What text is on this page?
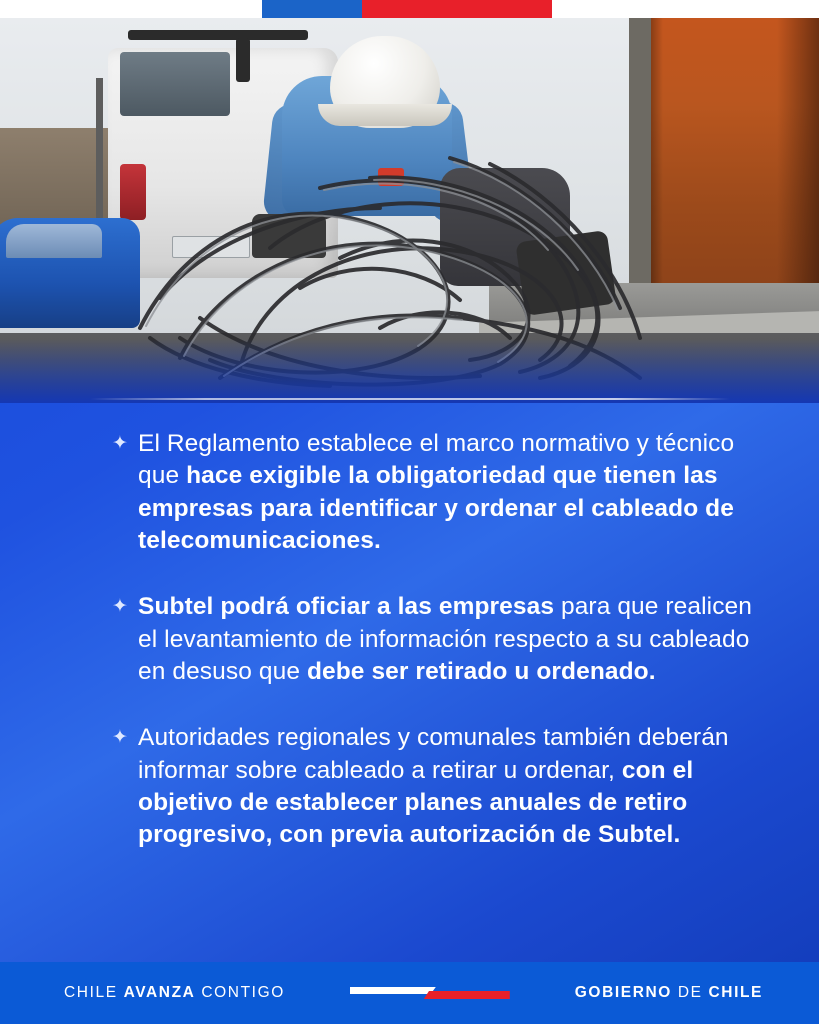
✦ El Reglamento establece el marco normativo y técnico que hace exigible la obligatoriedad que tienen las empresas para identificar y ordenar el cableado de telecomunicaciones.
✦ Subtel podrá oficiar a las empresas para que realicen el levantamiento de información respecto a su cableado en desuso que debe ser retirado u ordenado.
✦ Autoridades regionales y comunales también deberán informar sobre cableado a retirar u ordenar, con el objetivo de establecer planes anuales de retiro progresivo, con previa autorización de Subtel.
CHILE AVANZA CONTIGO	GOBIERNO DE CHILE
